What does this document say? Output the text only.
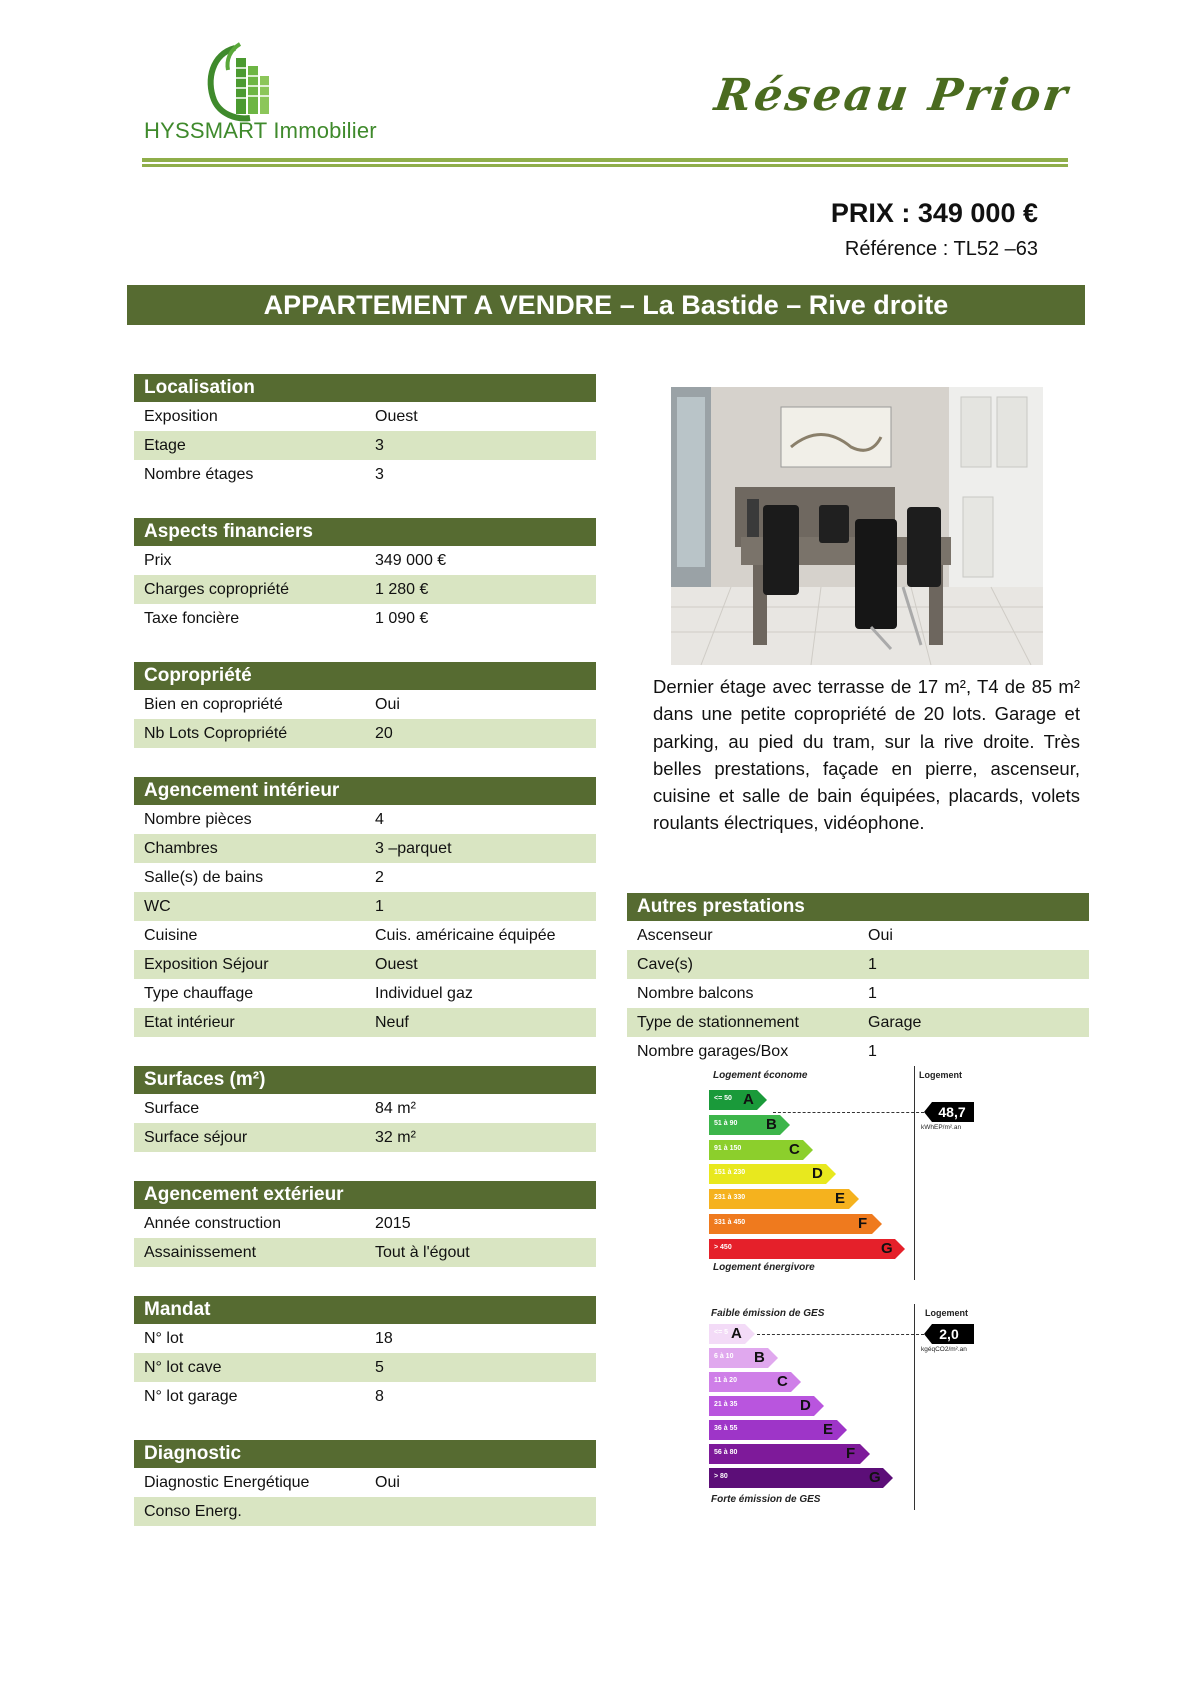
HYSSMART Immobilier
Réseau Prior
PRIX : 349 000 €
Référence : TL52 –63
APPARTEMENT A VENDRE – La Bastide – Rive droite
Localisation
Exposition	Ouest
Etage	3
Nombre étages	3
Aspects financiers
Prix	349 000 €
Charges copropriété	1 280 €
Taxe foncière	1 090 €
Copropriété
Bien en copropriété	Oui
Nb Lots Copropriété	20
Agencement intérieur
Nombre pièces	4
Chambres	3 –parquet
Salle(s) de bains	2
WC	1
Cuisine	Cuis. américaine équipée
Exposition Séjour	Ouest
Type chauffage	Individuel gaz
Etat intérieur	Neuf
Surfaces (m²)
Surface	84 m²
Surface séjour	32 m²
Agencement extérieur
Année construction	2015
Assainissement	Tout à l'égout
Mandat
N° lot	18
N° lot cave	5
N° lot garage	8
Diagnostic
Diagnostic Energétique	Oui
Conso Energ.
Dernier étage avec terrasse de 17 m², T4 de 85 m² dans une petite copropriété de 20 lots. Garage et parking, au pied du tram, sur la rive droite. Très belles prestations, façade en pierre, ascenseur, cuisine et salle de bain équipées, placards, volets roulants électriques, vidéophone.
Autres prestations
Ascenseur	Oui
Cave(s)	1
Nombre balcons	1
Type de stationnement	Garage
Nombre garages/Box	1
Logement économe
Logement énergivore
Logement
48,7
kWhEP/m².an
<= 50 A
51 à 90 B
91 à 150	C
151 à 230	D
231 à 330	E
331 à 450	F
> 450	G
Faible émission de GES
Forte émission de GES
Logement
2,0
kgéqCO2/m².an
<= 5 A
6 à 10 B
11 à 20	C
21 à 35	D
36 à 55	E
56 à 80	F
> 80	G
